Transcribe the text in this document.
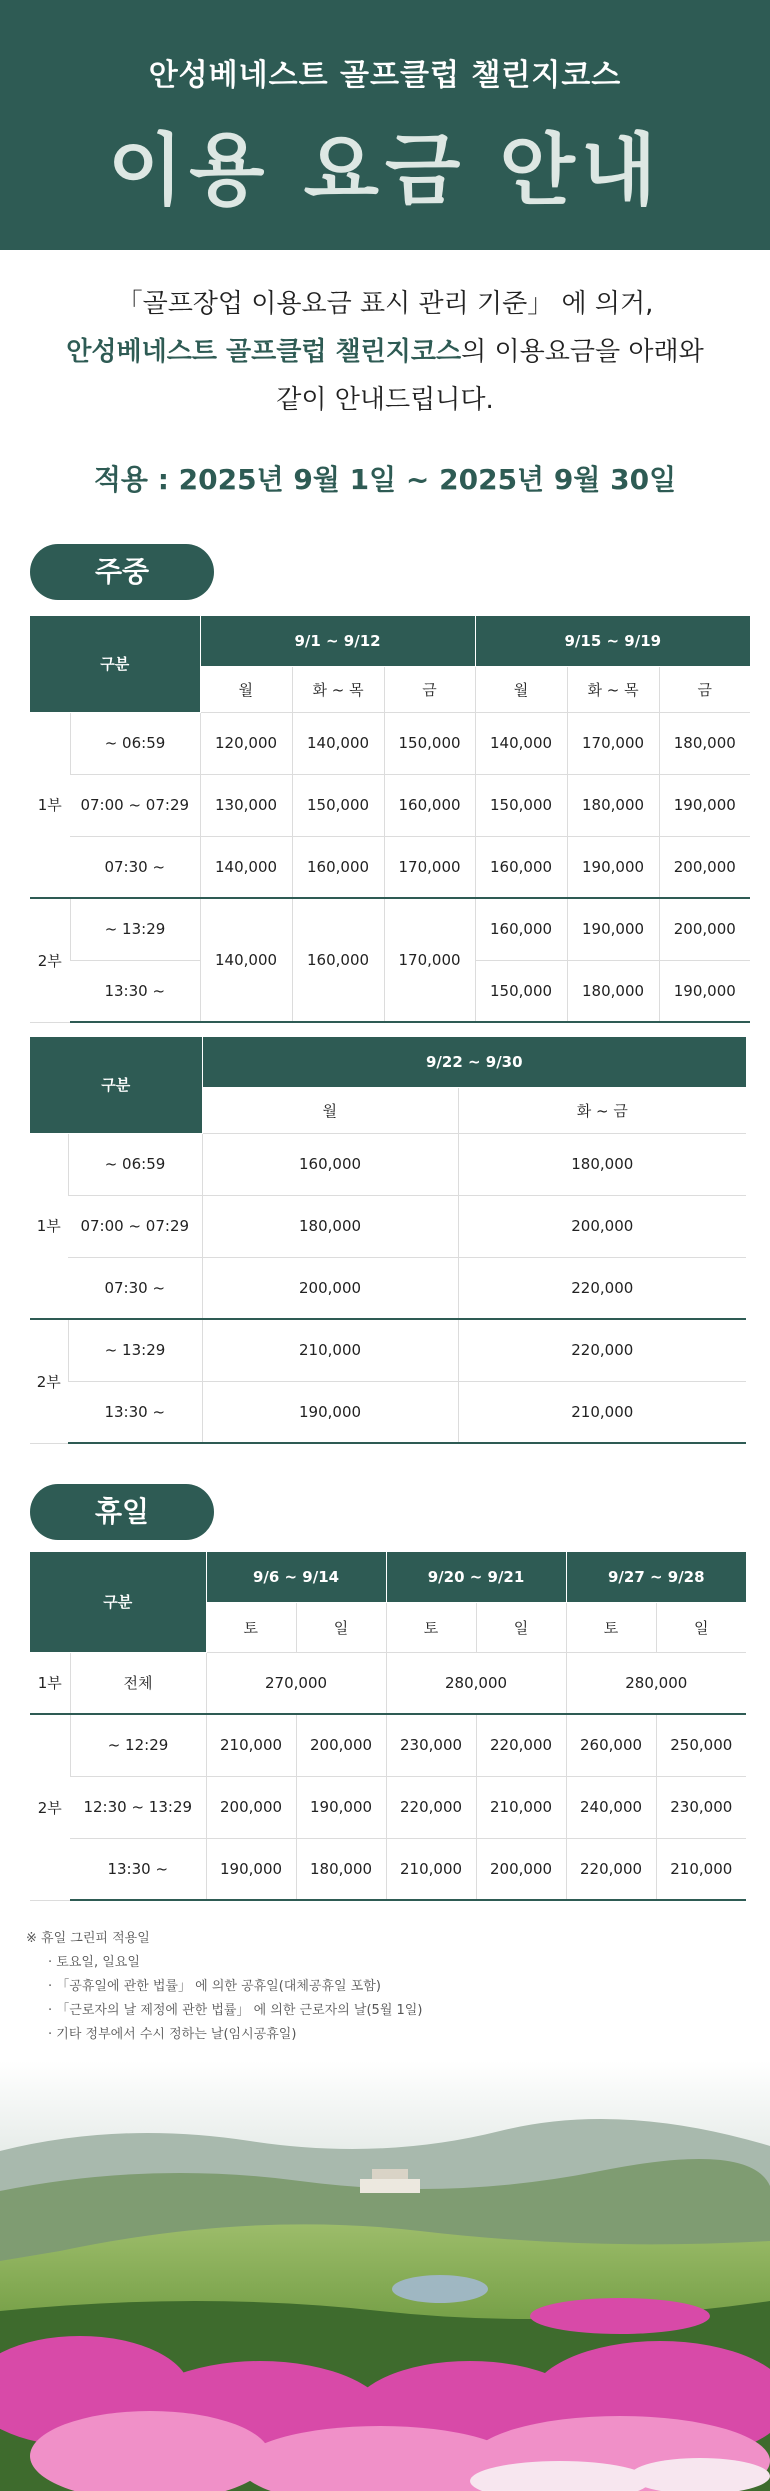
안성베네스트 골프클럽 챌린지코스
이용 요금 안내

「골프장업 이용요금 표시 관리 기준」 에 의거,

안성베네스트 골프클럽 챌린지코스의 이용요금을 아래와

같이 안내드립니다.

적용 : 2025년 9월 1일 ~ 2025년 9월 30일
주중
구분		9/1 ~ 9/12			9/15 ~ 9/19		
		월	화 ~ 목	금	월	화 ~ 목	금
1부	~ 06:59	120,000	140,000	150,000	140,000	170,000	180,000
	07:00 ~ 07:29	130,000	150,000	160,000	150,000	180,000	190,000
	07:30 ~	140,000	160,000	170,000	160,000	190,000	200,000
2부	~ 13:29	140,000	160,000	170,000	160,000	190,000	200,000
	13:30 ~				150,000	180,000	190,000
구분		9/22 ~ 9/30	
		월	화 ~ 금
1부	~ 06:59	160,000	180,000
	07:00 ~ 07:29	180,000	200,000
	07:30 ~	200,000	220,000
2부	~ 13:29	210,000	220,000
	13:30 ~	190,000	210,000
휴일
구분		9/6 ~ 9/14		9/20 ~ 9/21		9/27 ~ 9/28	
		토	일	토	일	토	일
1부	전체	270,000		280,000		280,000	
2부	~ 12:29	210,000	200,000	230,000	220,000	260,000	250,000
	12:30 ~ 13:29	200,000	190,000	220,000	210,000	240,000	230,000
	13:30 ~	190,000	180,000	210,000	200,000	220,000	210,000
※ 휴일 그린피 적용일
· 토요일, 일요일
· 「공휴일에 관한 법률」 에 의한 공휴일(대체공휴일 포함)
· 「근로자의 날 제정에 관한 법률」 에 의한 근로자의 날(5월 1일)
· 기타 정부에서 수시 정하는 날(임시공휴일)
